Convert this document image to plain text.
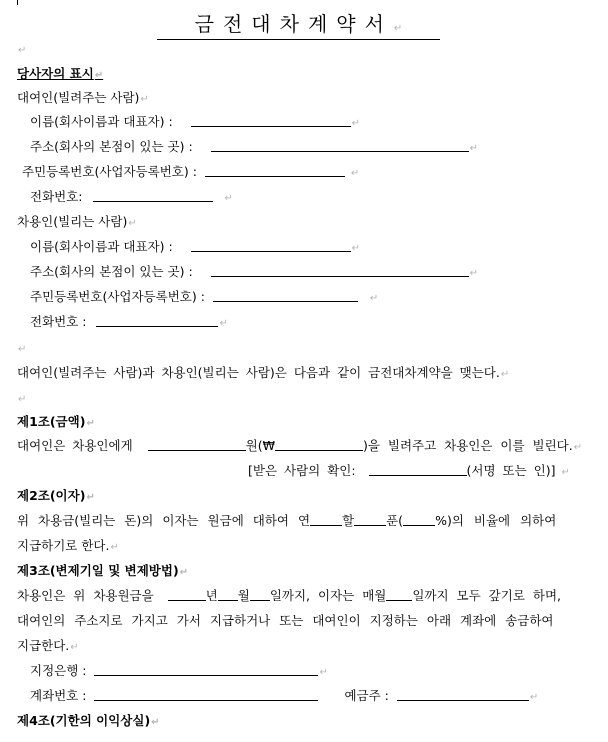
금전대차계약서↵
↵
당사자의 표시↵
대여인(빌려주는 사람)↵
이름(회사이름과 대표자) :	↵
주소(회사의 본점이 있는 곳) :	↵
주민등록번호(사업자등록번호) :	↵
전화번호:	↵
차용인(빌리는 사람)↵
이름(회사이름과 대표자) :	↵
주소(회사의 본점이 있는 곳) :	↵
주민등록번호(사업자등록번호) :	↵
전화번호 :	↵
↵
대여인(빌려주는 사람)과 차용인(빌리는 사람)은 다음과 같이 금전대차계약을 맺는다.↵
↵
제1조(금액)↵
대여인은 차용인에게	원(₩	)을 빌려주고 차용인은 이를 빌린다.↵
[받은 사람의 확인:	(서명 또는 인)] ↵
제2조(이자)↵
위 차용금(빌리는 돈)의 이자는 원금에 대하여 연	할	푼(	%)의 비율에 의하여
지급하기로 한다.↵
제3조(변제기일 및 변제방법)↵
차용인은 위 차용원금을	년 월 일까지, 이자는 매월 일까지 모두 갚기로 하며,
대여인의 주소지로 가지고 가서 지급하거나 또는 대여인이 지정하는 아래 계좌에 송금하여
지급한다.↵
지정은행 :	↵
계좌번호 :	예금주 :	↵
제4조(기한의 이익상실)↵
